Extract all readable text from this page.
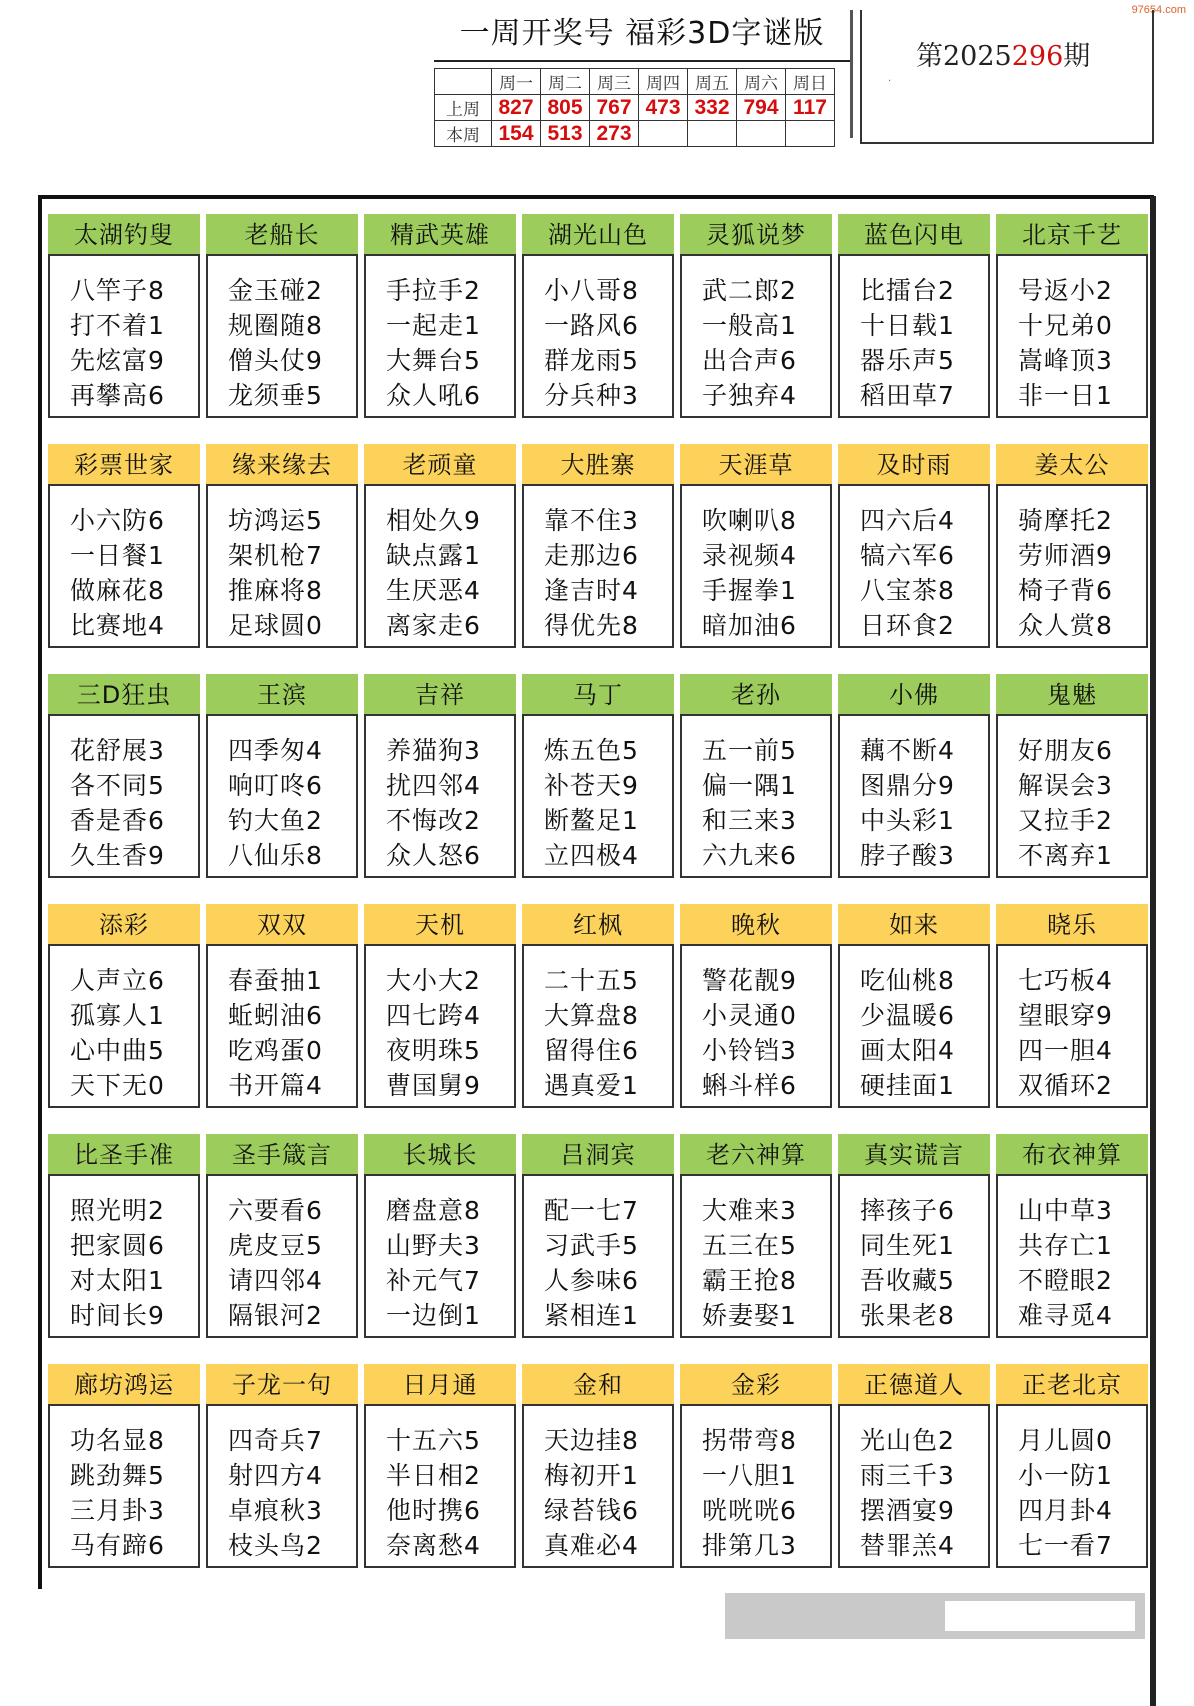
97654.com
一周开奖号 福彩3D字谜版
	周一	周二	周三	周四	周五	周六	周日
上周	827	805	767	473	332	794	117
本周	154	513	273				
第2025296期
·
太湖钓叟
八竿子8
打不着1
先炫富9
再攀高6
老船长
金玉碰2
规圈随8
僧头仗9
龙须垂5
精武英雄
手拉手2
一起走1
大舞台5
众人吼6
湖光山色
小八哥8
一路风6
群龙雨5
分兵种3
灵狐说梦
武二郎2
一般高1
出合声6
子独弃4
蓝色闪电
比擂台2
十日载1
器乐声5
稻田草7
北京千艺
号返小2
十兄弟0
嵩峰顶3
非一日1
彩票世家
小六防6
一日餐1
做麻花8
比赛地4
缘来缘去
坊鸿运5
架机枪7
推麻将8
足球圆0
老顽童
相处久9
缺点露1
生厌恶4
离家走6
大胜寨
靠不住3
走那边6
逢吉时4
得优先8
天涯草
吹喇叭8
录视频4
手握拳1
暗加油6
及时雨
四六后4
犒六军6
八宝茶8
日环食2
姜太公
骑摩托2
劳师酒9
椅子背6
众人赏8
三D狂虫
花舒展3
各不同5
香是香6
久生香9
王滨
四季匆4
响叮咚6
钓大鱼2
八仙乐8
吉祥
养猫狗3
扰四邻4
不悔改2
众人怒6
马丁
炼五色5
补苍天9
断鳌足1
立四极4
老孙
五一前5
偏一隅1
和三来3
六九来6
小佛
藕不断4
图鼎分9
中头彩1
脖子酸3
鬼魅
好朋友6
解误会3
又拉手2
不离弃1
添彩
人声立6
孤寡人1
心中曲5
天下无0
双双
春蚕抽1
蚯蚓油6
吃鸡蛋0
书开篇4
天机
大小大2
四七跨4
夜明珠5
曹国舅9
红枫
二十五5
大算盘8
留得住6
遇真爱1
晚秋
警花靓9
小灵通0
小铃铛3
蝌斗样6
如来
吃仙桃8
少温暖6
画太阳4
硬挂面1
晓乐
七巧板4
望眼穿9
四一胆4
双循环2
比圣手准
照光明2
把家圆6
对太阳1
时间长9
圣手箴言
六要看6
虎皮豆5
请四邻4
隔银河2
长城长
磨盘意8
山野夫3
补元气7
一边倒1
吕洞宾
配一七7
习武手5
人参味6
紧相连1
老六神算
大难来3
五三在5
霸王抢8
娇妻娶1
真实谎言
摔孩子6
同生死1
吾收藏5
张果老8
布衣神算
山中草3
共存亡1
不瞪眼2
难寻觅4
廊坊鸿运
功名显8
跳劲舞5
三月卦3
马有蹄6
子龙一句
四奇兵7
射四方4
卓痕秋3
枝头鸟2
日月通
十五六5
半日相2
他时携6
奈离愁4
金和
天边挂8
梅初开1
绿苔钱6
真难必4
金彩
拐带弯8
一八胆1
咣咣咣6
排第几3
正德道人
光山色2
雨三千3
摆酒宴9
替罪羔4
正老北京
月儿圆0
小一防1
四月卦4
七一看7
